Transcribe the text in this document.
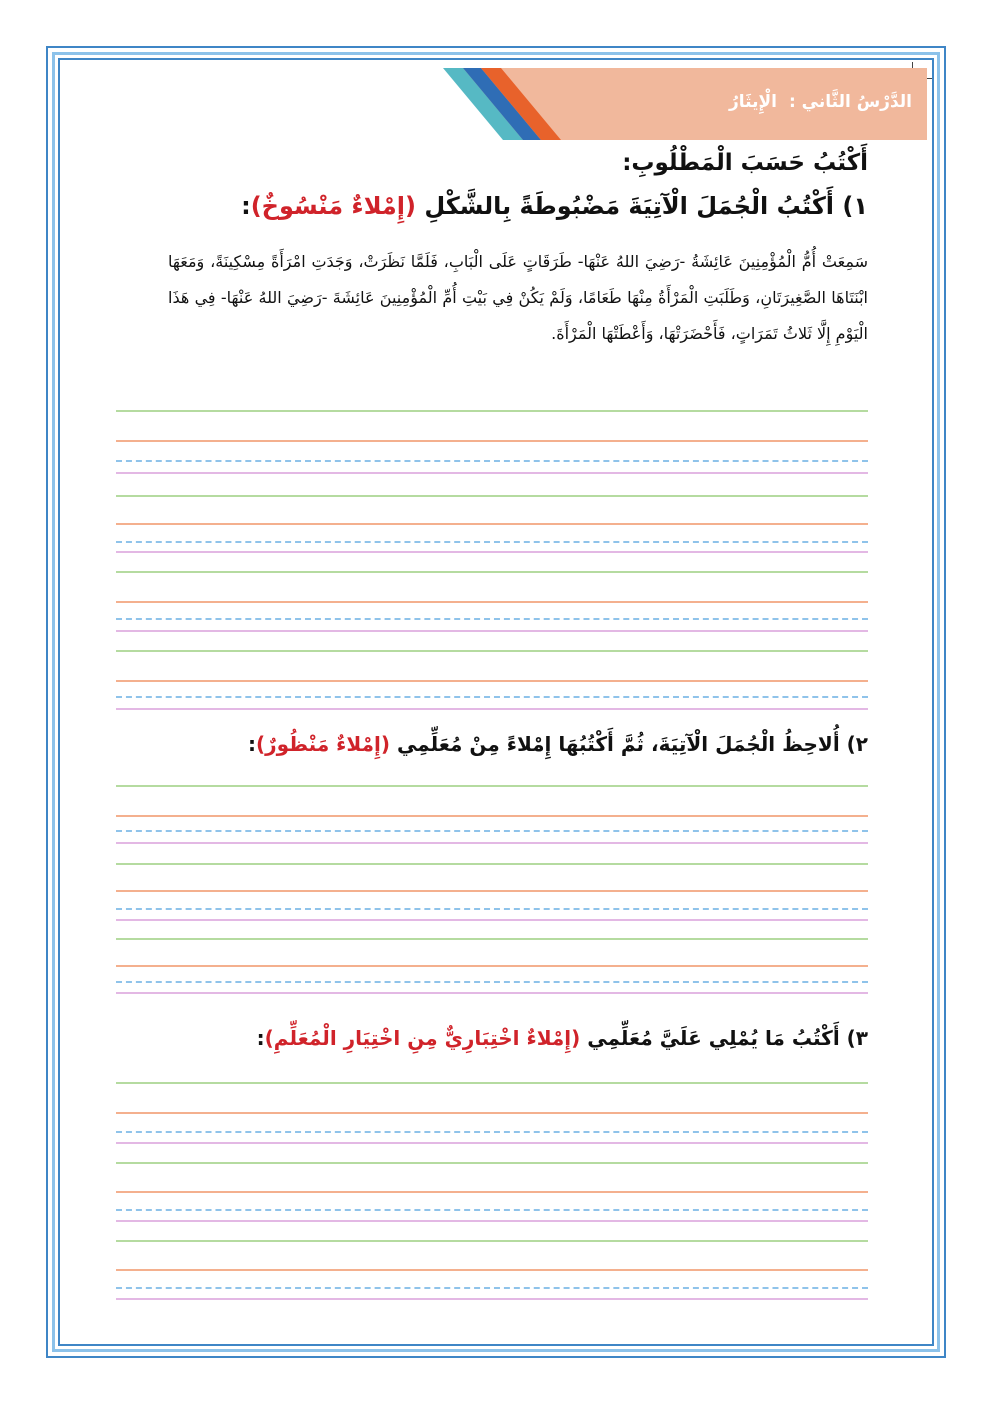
الدَّرْسُ الثَّاني :الْإِيثَارُ
أَكْتُبُ حَسَبَ الْمَطْلُوبِ:
١) أَكْتُبُ الْجُمَلَ الْآتِيَةَ مَضْبُوطَةً بِالشَّكْلِ (إِمْلاءٌ مَنْسُوخٌ):
سَمِعَتْ أُمُّ الْمُؤْمِنِينَ عَائِشَةُ -رَضِيَ اللهُ عَنْهَا- طَرَقَاتٍ عَلَى الْبَابِ، فَلَمَّا نَظَرَتْ، وَجَدَتِ امْرَأَةً مِسْكِينَةً، وَمَعَهَا ابْنَتَاهَا الصَّغِيرَتَانِ، وَطَلَبَتِ الْمَرْأَةُ مِنْهَا طَعَامًا، وَلَمْ يَكُنْ فِي بَيْتِ أُمِّ الْمُؤْمِنِينَ عَائِشَةَ -رَضِيَ اللهُ عَنْهَا- فِي هَذَا الْيَوْمِ إِلَّا ثَلاثُ تَمَرَاتٍ، فَأَحْضَرَتْهَا، وَأَعْطَتْهَا الْمَرْأَةَ.
٢) أُلاحِظُ الْجُمَلَ الْآتِيَةَ، ثُمَّ أَكْتُبُهَا إِمْلاءً مِنْ مُعَلِّمِي (إِمْلاءٌ مَنْظُورٌ):
٣) أَكْتُبُ مَا يُمْلِي عَلَيَّ مُعَلِّمِي (إِمْلاءٌ اخْتِبَارِيٌّ مِنِ اخْتِيَارِ الْمُعَلِّمِ):
